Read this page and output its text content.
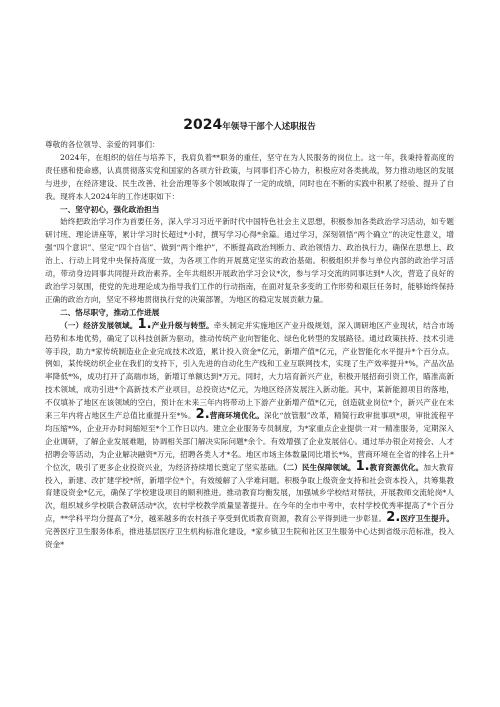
2024年领导干部个人述职报告

尊敬的各位领导、亲爱的同事们：

2024年，在组织的信任与培养下，我肩负着**职务的重任，坚守在为人民服务的岗位上。这一年，我秉持着高度的责任感和使命感，认真贯彻落实党和国家的各项方针政策，与同事们齐心协力，积极应对各类挑战，努力推动地区的发展与进步，在经济建设、民生改善、社会治理等多个领域取得了一定的成绩，同时也在不断的实践中积累了经验、提升了自我。现将本人2024年的工作述职如下：

一、坚守初心，强化政治担当

始终把政治学习作为首要任务，深入学习习近平新时代中国特色社会主义思想，积极参加各类政治学习活动，如专题研讨班、理论讲座等，累计学习时长超过*小时，撰写学习心得*余篇。通过学习，深刻领悟“两个确立”的决定性意义，增强“四个意识”、坚定“四个自信”、做到“两个维护”，不断提高政治判断力、政治领悟力、政治执行力，确保在思想上、政治上、行动上同党中央保持高度一致，为各项工作的开展奠定坚实的政治基础。积极组织并参与单位内部的政治学习活动，带动身边同事共同提升政治素养。全年共组织开展政治学习会议*次，参与学习交流的同事达到*人次，营造了良好的政治学习氛围，使党的先进理论成为指导我们工作的行动指南，在面对复杂多变的工作形势和艰巨任务时，能够始终保持正确的政治方向，坚定不移地贯彻执行党的决策部署，为地区的稳定发展贡献力量。

二、恪尽职守，推动工作进展

（一）经济发展领域。1.产业升级与转型。牵头制定并实施地区产业升级规划，深入调研地区产业现状，结合市场趋势和本地优势，确定了以科技创新为驱动，推动传统产业向智能化、绿色化转型的发展路径。通过政策扶持、技术引进等手段，助力*家传统制造业企业完成技术改造，累计投入资金*亿元，新增产值*亿元，产业智能化水平提升*个百分点。例如，某传统纺织企业在我们的支持下，引入先进的自动化生产线和工业互联网技术，实现了生产效率提升*%，产品次品率降低*%，成功打开了高端市场，新增订单额达到*万元。同时，大力培育新兴产业，积极开展招商引资工作，瞄准高新技术领域，成功引进*个高新技术产业项目，总投资达*亿元，为地区经济发展注入新动能。其中，某新能源项目的落地，不仅填补了地区在该领域的空白，预计在未来三年内将带动上下游产业新增产值*亿元，创造就业岗位*个，新兴产业在未来三年内将占地区生产总值比重提升至*%。2.营商环境优化。深化“放管服”改革，精简行政审批事项*项，审批流程平均压缩*%，企业开办时间缩短至*个工作日以内。建立企业服务专员制度，为*家重点企业提供一对一精准服务，定期深入企业调研，了解企业发展难题，协调相关部门解决实际问题*余个。有效增强了企业发展信心。通过举办银企对接会、人才招聘会等活动，为企业解决融资*万元，招聘各类人才*名。地区市场主体数量同比增长*%，营商环境在全省的排名上升*个位次，吸引了更多企业投资兴业，为经济持续增长奠定了坚实基础。（二）民生保障领域。1.教育资源优化。加大教育投入，新建、改扩建学校*所，新增学位*个，有效缓解了入学难问题。积极争取上级资金支持和社会资本投入，共筹集教育建设资金*亿元，确保了学校建设项目的顺利推进。推动教育均衡发展，加强城乡学校结对帮扶，开展教师交流轮岗*人次，组织城乡学校联合教研活动*次，农村学校教学质量显著提升。在今年的全市中考中，农村学校优秀率提高了*个百分点，**学科平均分提高了*分，越来越多的农村孩子享受到优质教育资源，教育公平得到进一步彰显。2.医疗卫生提升。完善医疗卫生服务体系，推进基层医疗卫生机构标准化建设，*家乡镇卫生院和社区卫生服务中心达到省级示范标准，投入资金*
